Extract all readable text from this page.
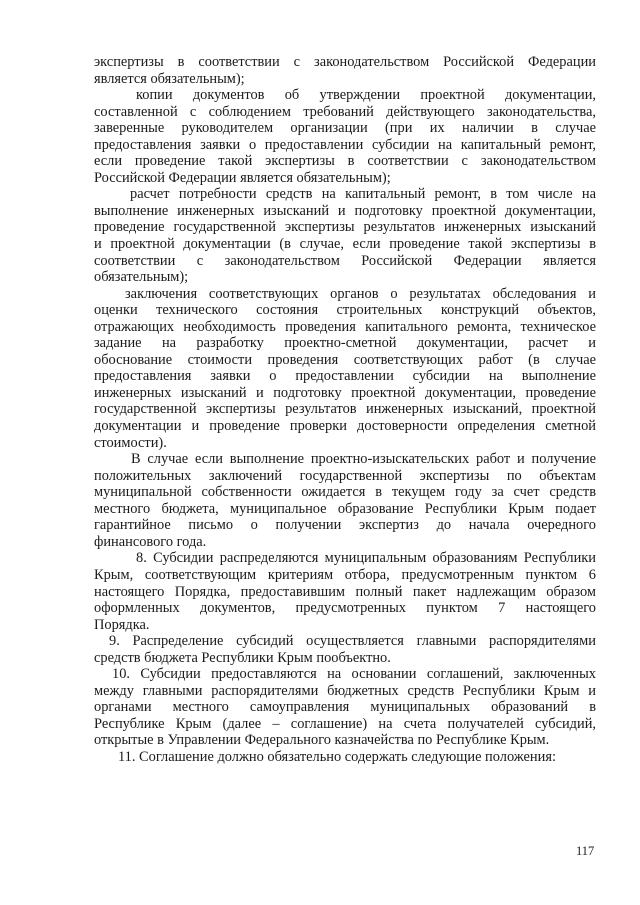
экспертизы в соответствии с законодательством Российской Федерации
является обязательным);
копии документов об утверждении проектной документации,
составленной с соблюдением требований действующего законодательства,
заверенные руководителем организации (при их наличии в случае
предоставления заявки о предоставлении субсидии на капитальный ремонт,
если проведение такой экспертизы в соответствии с законодательством
Российской Федерации является обязательным);
расчет потребности средств на капитальный ремонт, в том числе на
выполнение инженерных изысканий и подготовку проектной документации,
проведение государственной экспертизы результатов инженерных изысканий
и проектной документации (в случае, если проведение такой экспертизы в
соответствии с законодательством Российской Федерации является
обязательным);
заключения соответствующих органов о результатах обследования и
оценки технического состояния строительных конструкций объектов,
отражающих необходимость проведения капитального ремонта, техническое
задание на разработку проектно-сметной документации, расчет и
обоснование стоимости проведения соответствующих работ (в случае
предоставления заявки о предоставлении субсидии на выполнение
инженерных изысканий и подготовку проектной документации, проведение
государственной экспертизы результатов инженерных изысканий, проектной
документации и проведение проверки достоверности определения сметной
стоимости).
В случае если выполнение проектно-изыскательских работ и получение
положительных заключений государственной экспертизы по объектам
муниципальной собственности ожидается в текущем году за счет средств
местного бюджета, муниципальное образование Республики Крым подает
гарантийное письмо о получении экспертиз до начала очередного
финансового года.
8. Субсидии распределяются муниципальным образованиям Республики
Крым, соответствующим критериям отбора, предусмотренным пунктом 6
настоящего Порядка, предоставившим полный пакет надлежащим образом
оформленных документов, предусмотренных пунктом 7 настоящего
Порядка.
9. Распределение субсидий осуществляется главными распорядителями
средств бюджета Республики Крым пообъектно.
10. Субсидии предоставляются на основании соглашений, заключенных
между главными распорядителями бюджетных средств Республики Крым и
органами местного самоуправления муниципальных образований в
Республике Крым (далее – соглашение) на счета получателей субсидий,
открытые в Управлении Федерального казначейства по Республике Крым.
11. Соглашение должно обязательно содержать следующие положения:
117
